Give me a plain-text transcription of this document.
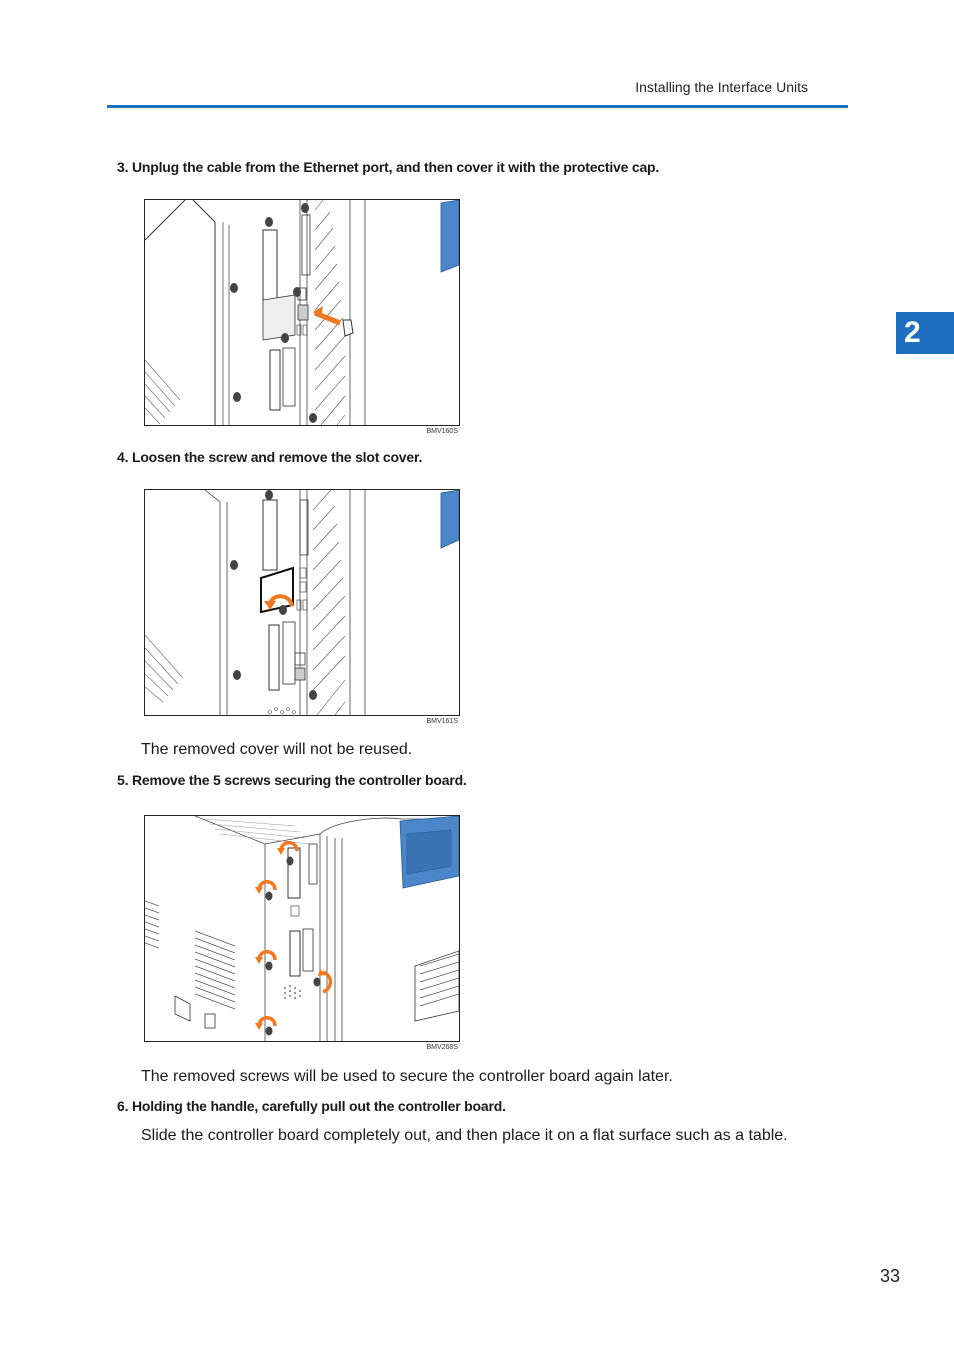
Installing the Interface Units
2
3. Unplug the cable from the Ethernet port, and then cover it with the protective cap.
BMV160S
4. Loosen the screw and remove the slot cover.
BMV161S
The removed cover will not be reused.
5. Remove the 5 screws securing the controller board.
BMV268S
The removed screws will be used to secure the controller board again later.
6. Holding the handle, carefully pull out the controller board.
Slide the controller board completely out, and then place it on a flat surface such as a table.
33
